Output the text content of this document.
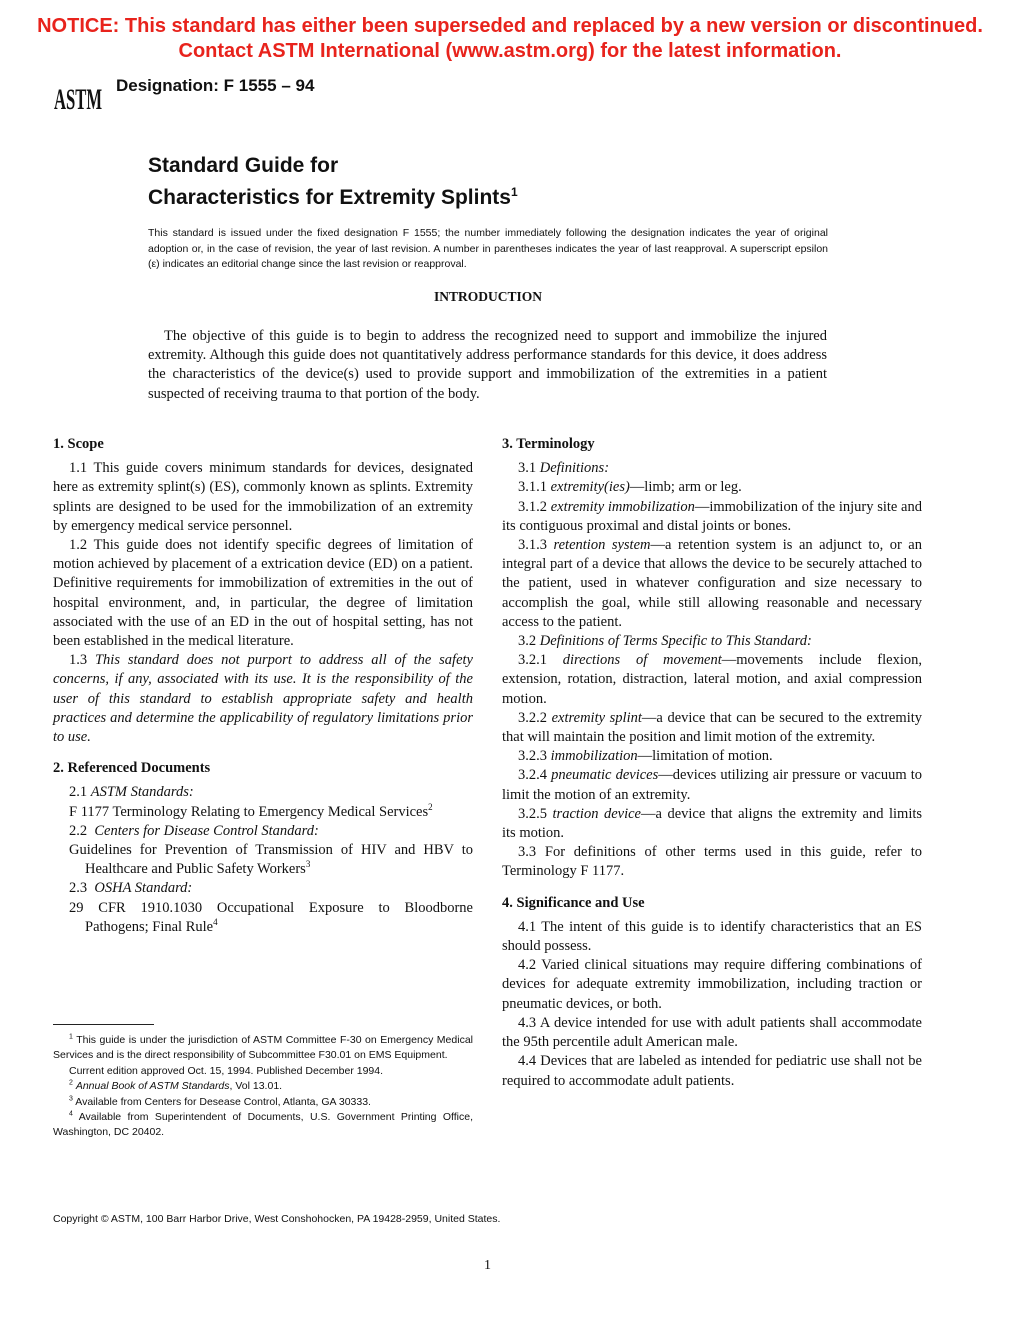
NOTICE: This standard has either been superseded and replaced by a new version or discontinued.
Contact ASTM International (www.astm.org) for the latest information.
ASTM Designation: F 1555 – 94
Standard Guide for
Characteristics for Extremity Splints$^1$
This standard is issued under the fixed designation F 1555; the number immediately following the designation indicates the year of original adoption or, in the case of revision, the year of last revision. A number in parentheses indicates the year of last reapproval. A superscript epsilon (ε) indicates an editorial change since the last revision or reapproval.
INTRODUCTION
The objective of this guide is to begin to address the recognized need to support and immobilize the injured extremity. Although this guide does not quantitatively address performance standards for this device, it does address the characteristics of the device(s) used to provide support and immobilization of the extremities in a patient suspected of receiving trauma to that portion of the body.
1. Scope

1.1 This guide covers minimum standards for devices, designated here as extremity splint(s) (ES), commonly known as splints. Extremity splints are designed to be used for the immobilization of an extremity by emergency medical service personnel.

1.2 This guide does not identify specific degrees of limitation of motion achieved by placement of a extrication device (ED) on a patient. Definitive requirements for immobilization of extremities in the out of hospital environment, and, in particular, the degree of limitation associated with the use of an ED in the out of hospital setting, has not been established in the medical literature.

1.3 This standard does not purport to address all of the safety concerns, if any, associated with its use. It is the responsibility of the user of this standard to establish appropriate safety and health practices and determine the applicability of regulatory limitations prior to use.

2. Referenced Documents

2.1 ASTM Standards:

F 1177 Terminology Relating to Emergency Medical Services$^2$

2.2 Centers for Disease Control Standard:

Guidelines for Prevention of Transmission of HIV and HBV to Healthcare and Public Safety Workers$^3$

2.3 OSHA Standard:

29 CFR 1910.1030 Occupational Exposure to Bloodborne Pathogens; Final Rule$^4$

$^1$ This guide is under the jurisdiction of ASTM Committee F-30 on Emergency Medical Services and is the direct responsibility of Subcommittee F30.01 on EMS Equipment.

Current edition approved Oct. 15, 1994. Published December 1994.

$^2$ Annual Book of ASTM Standards, Vol 13.01.

$^3$ Available from Centers for Desease Control, Atlanta, GA 30333.

$^4$ Available from Superintendent of Documents, U.S. Government Printing Office, Washington, DC 20402.

3. Terminology

3.1 Definitions:

3.1.1 extremity(ies)—limb; arm or leg.

3.1.2 extremity immobilization—immobilization of the injury site and its contiguous proximal and distal joints or bones.

3.1.3 retention system—a retention system is an adjunct to, or an integral part of a device that allows the device to be securely attached to the patient, used in whatever configuration and size necessary to accomplish the goal, while still allowing reasonable and necessary access to the patient.

3.2 Definitions of Terms Specific to This Standard:

3.2.1 directions of movement—movements include flexion, extension, rotation, distraction, lateral motion, and axial compression motion.

3.2.2 extremity splint—a device that can be secured to the extremity that will maintain the position and limit motion of the extremity.

3.2.3 immobilization—limitation of motion.

3.2.4 pneumatic devices—devices utilizing air pressure or vacuum to limit the motion of an extremity.

3.2.5 traction device—a device that aligns the extremity and limits its motion.

3.3 For definitions of other terms used in this guide, refer to Terminology F 1177.

4. Significance and Use

4.1 The intent of this guide is to identify characteristics that an ES should possess.

4.2 Varied clinical situations may require differing combinations of devices for adequate extremity immobilization, including traction or pneumatic devices, or both.

4.3 A device intended for use with adult patients shall accommodate the 95th percentile adult American male.

4.4 Devices that are labeled as intended for pediatric use shall not be required to accommodate adult patients.

Copyright © ASTM, 100 Barr Harbor Drive, West Conshohocken, PA 19428-2959, United States.
1
